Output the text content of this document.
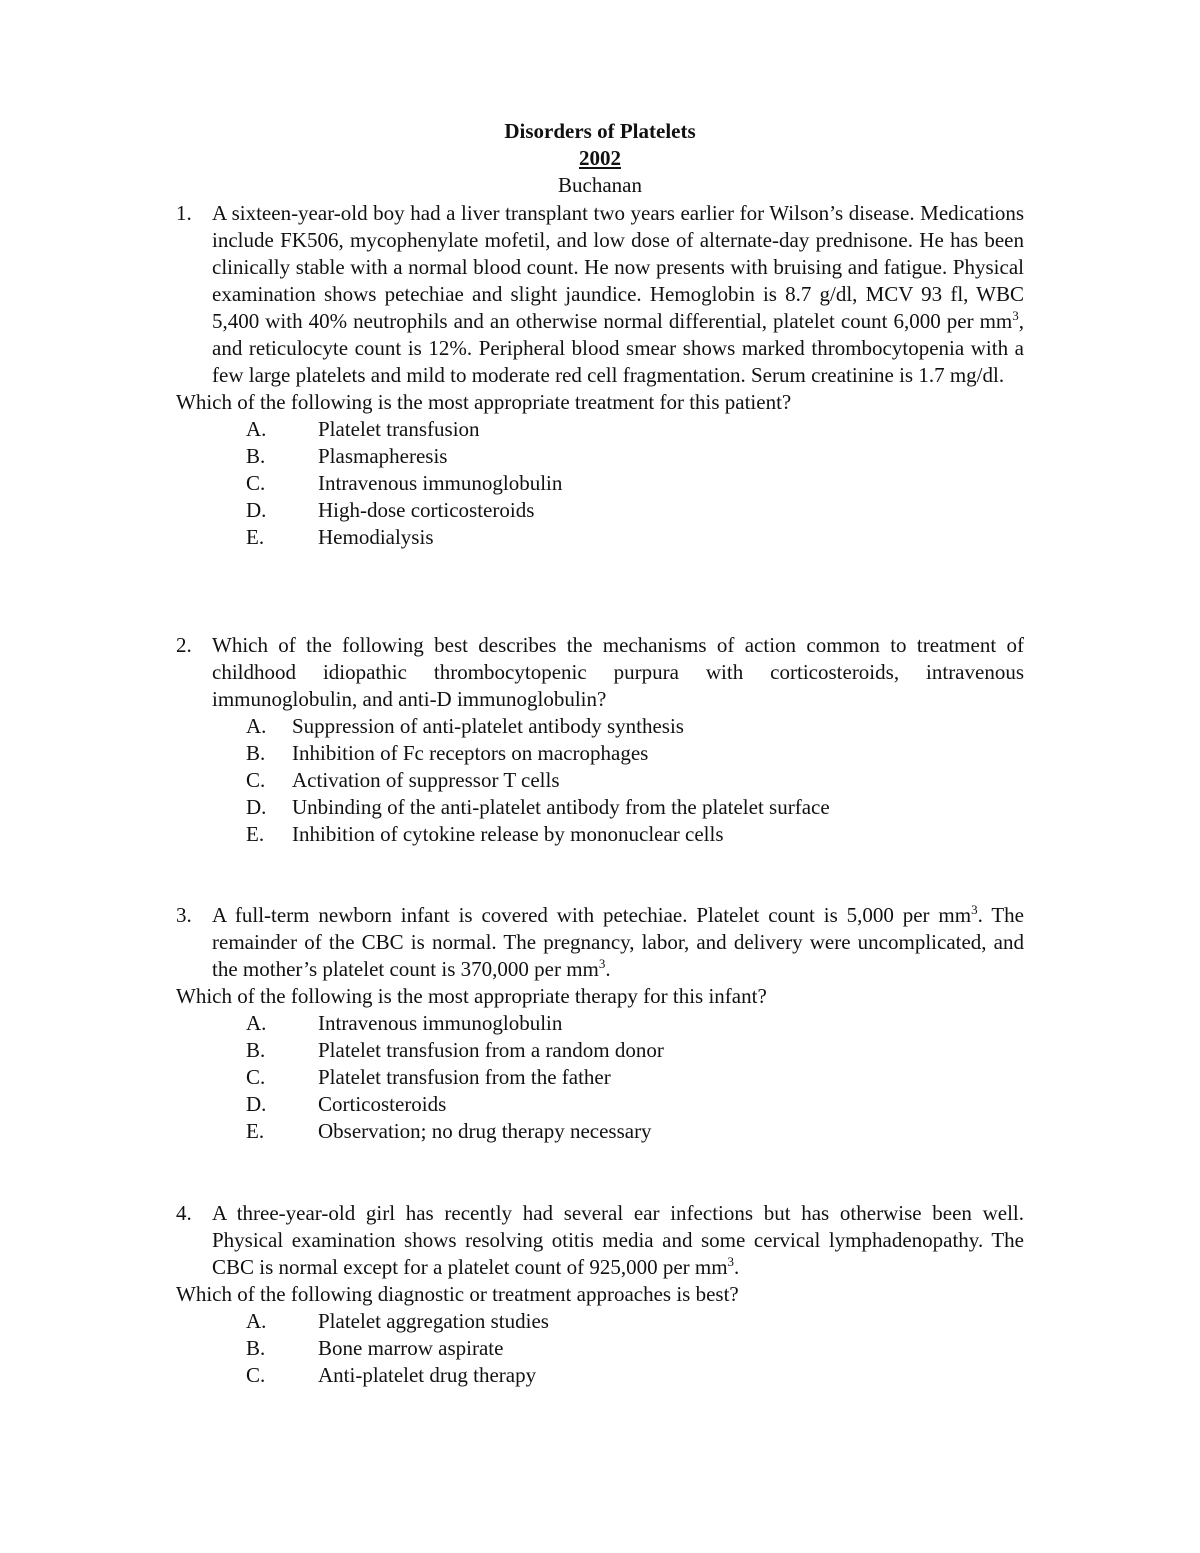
Disorders of Platelets
2002
Buchanan
1. A sixteen-year-old boy had a liver transplant two years earlier for Wilson’s disease. Medications include FK506, mycophenylate mofetil, and low dose of alternate-day prednisone. He has been clinically stable with a normal blood count. He now presents with bruising and fatigue. Physical examination shows petechiae and slight jaundice. Hemoglobin is 8.7 g/dl, MCV 93 fl, WBC 5,400 with 40% neutrophils and an otherwise normal differential, platelet count 6,000 per $mm^3$, and reticulocyte count is 12%. Peripheral blood smear shows marked thrombocytopenia with a few large platelets and mild to moderate red cell fragmentation. Serum creatinine is 1.7 mg/dl.
Which of the following is the most appropriate treatment for this patient?
A. Platelet transfusion
B.	Plasmapheresis
C.	Intravenous immunoglobulin
D. High-dose corticosteroids
E.	Hemodialysis
2. Which of the following best describes the mechanisms of action common to treatment of childhood idiopathic thrombocytopenic purpura with corticosteroids, intravenous immunoglobulin, and anti-D immunoglobulin?
A. Suppression of anti-platelet antibody synthesis
B. Inhibition of Fc receptors on macrophages
C. Activation of suppressor T cells
D. Unbinding of the anti-platelet antibody from the platelet surface
E. Inhibition of cytokine release by mononuclear cells
3. A full-term newborn infant is covered with petechiae. Platelet count is 5,000 per $mm^3$. The remainder of the CBC is normal. The pregnancy, labor, and delivery were uncomplicated, and the mother’s platelet count is 370,000 per $mm^3$.
Which of the following is the most appropriate therapy for this infant?
A. Intravenous immunoglobulin
B.	Platelet transfusion from a random donor
C.	Platelet transfusion from the father
D. Corticosteroids
E.	Observation; no drug therapy necessary
4. A three-year-old girl has recently had several ear infections but has otherwise been well. Physical examination shows resolving otitis media and some cervical lymphadenopathy. The CBC is normal except for a platelet count of 925,000 per $mm^3$.
Which of the following diagnostic or treatment approaches is best?
A. Platelet aggregation studies
B.	Bone marrow aspirate
C.	Anti-platelet drug therapy
